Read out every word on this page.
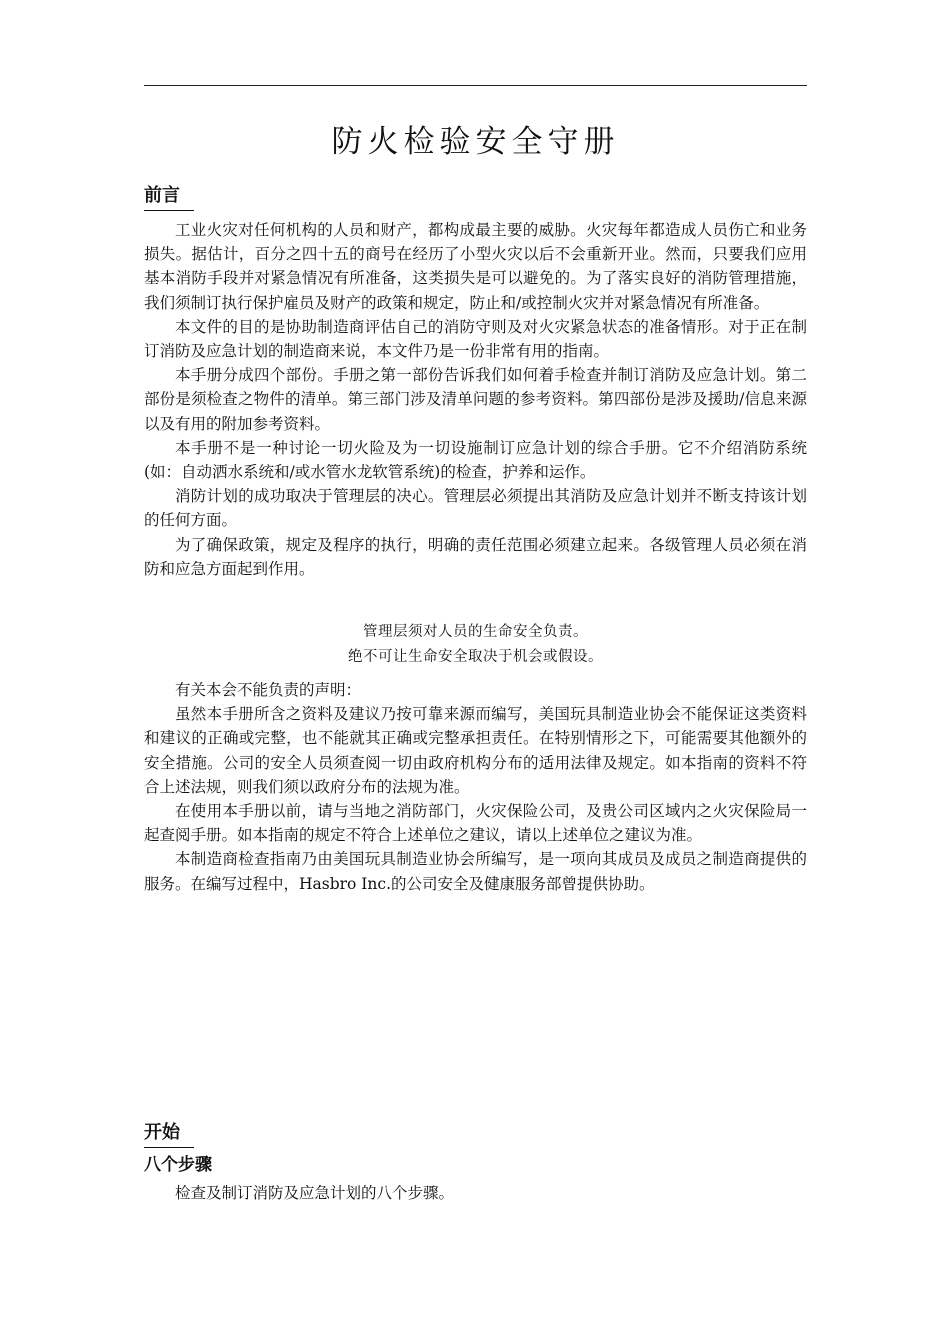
防火检验安全守册
前言

工业火灾对任何机构的人员和财产，都构成最主要的威胁。火灾每年都造成人员伤亡和业务损失。据估计，百分之四十五的商号在经历了小型火灾以后不会重新开业。然而，只要我们应用基本消防手段并对紧急情况有所准备，这类损失是可以避免的。为了落实良好的消防管理措施，我们须制订执行保护雇员及财产的政策和规定，防止和/或控制火灾并对紧急情况有所准备。

本文件的目的是协助制造商评估自己的消防守则及对火灾紧急状态的准备情形。对于正在制订消防及应急计划的制造商来说，本文件乃是一份非常有用的指南。

本手册分成四个部份。手册之第一部份告诉我们如何着手检查并制订消防及应急计划。第二部份是须检查之物件的清单。第三部门涉及清单问题的参考资料。第四部份是涉及援助/信息来源以及有用的附加参考资料。

本手册不是一种讨论一切火险及为一切设施制订应急计划的综合手册。它不介绍消防系统(如：自动洒水系统和/或水管水龙软管系统)的检查，护养和运作。

消防计划的成功取决于管理层的决心。管理层必须提出其消防及应急计划并不断支持该计划的任何方面。

为了确保政策，规定及程序的执行，明确的责任范围必须建立起来。各级管理人员必须在消防和应急方面起到作用。

管理层须对人员的生命安全负责。
绝不可让生命安全取决于机会或假设。

有关本会不能负责的声明：

虽然本手册所含之资料及建议乃按可靠来源而编写，美国玩具制造业协会不能保证这类资料和建议的正确或完整，也不能就其正确或完整承担责任。在特别情形之下，可能需要其他额外的安全措施。公司的安全人员须查阅一切由政府机构分布的适用法律及规定。如本指南的资料不符合上述法规，则我们须以政府分布的法规为准。

在使用本手册以前，请与当地之消防部门，火灾保险公司，及贵公司区域内之火灾保险局一起查阅手册。如本指南的规定不符合上述单位之建议，请以上述单位之建议为准。

本制造商检查指南乃由美国玩具制造业协会所编写，是一项向其成员及成员之制造商提供的服务。在编写过程中，Hasbro Inc.的公司安全及健康服务部曾提供协助。

开始
八个步骤

检查及制订消防及应急计划的八个步骤。
